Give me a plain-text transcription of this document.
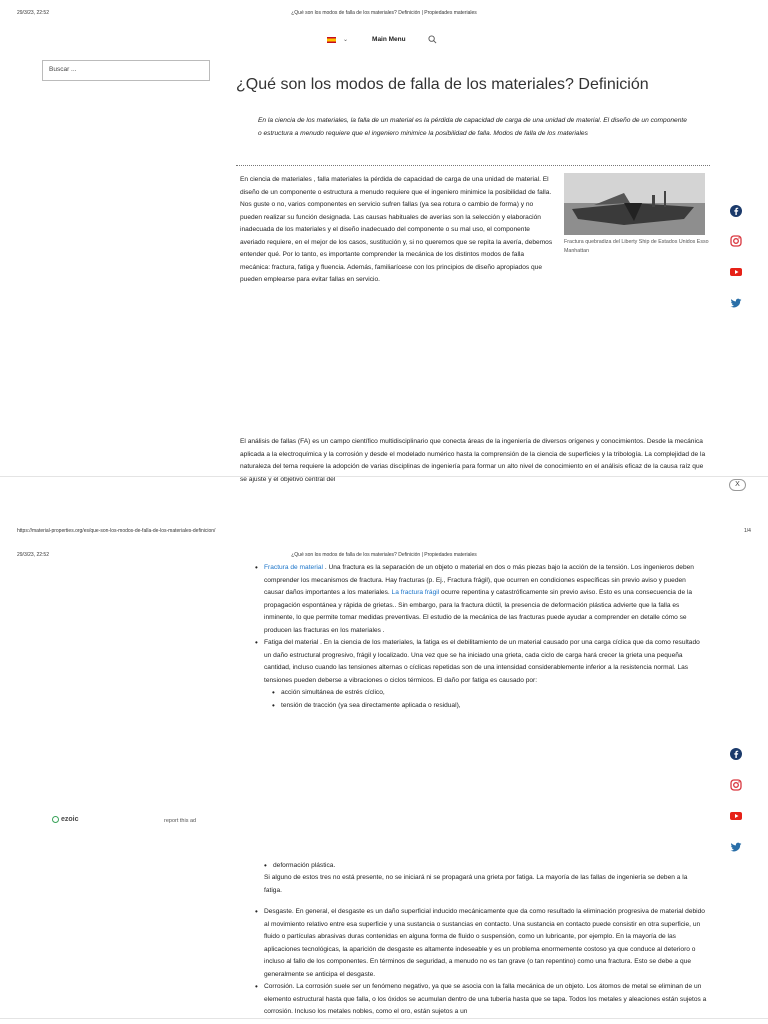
29/3/23, 22:52	¿Qué son los modos de falla de los materiales? Definición | Propiedades materiales
⌄	Main Menu
Buscar ...
¿Qué son los modos de falla de los materiales? Definición

En la ciencia de los materiales, la falla de un material es la pérdida de capacidad de carga de una unidad de material. El diseño de un componente o estructura a menudo requiere que el ingeniero minimice la posibilidad de falla. Modos de falla de los materiales

En ciencia de materiales , falla materiales la pérdida de capacidad de carga de una unidad de material. El diseño de un componente o estructura a menudo requiere que el ingeniero minimice la posibilidad de falla. Nos guste o no, varios componentes en servicio sufren fallas (ya sea rotura o cambio de forma) y no pueden realizar su función designada. Las causas habituales de averías son la selección y elaboración inadecuada de los materiales y el diseño inadecuado del componente o su mal uso, el componente averiado requiere, en el mejor de los casos, sustitución y, si no queremos que se repita la avería, debemos entender qué. Por lo tanto, es importante comprender la mecánica de los distintos modos de falla mecánica: fractura, fatiga y fluencia. Además, familiarícese con los principios de diseño apropiados que pueden emplearse para evitar fallas en servicio.

Fractura quebradiza del Liberty Ship de Estados Unidos Esso Manhattan

El análisis de fallas (FA) es un campo científico multidisciplinario que conecta áreas de la ingeniería de diversos orígenes y conocimientos. Desde la mecánica aplicada a la electroquímica y la corrosión y desde el modelado numérico hasta la comprensión de la ciencia de superficies y la tribología. La complejidad de la naturaleza del tema requiere la adopción de varias disciplinas de ingeniería para formar un alto nivel de conocimiento en el análisis eficaz de la causa raíz que se ajuste y el objetivo central del

X
https://material-properties.org/es/que-son-los-modos-de-falla-de-los-materiales-definicion/	1/4
29/3/23, 22:52	¿Qué son los modos de falla de los materiales? Definición | Propiedades materiales
• Fractura de material . Una fractura es la separación de un objeto o material en dos o más piezas bajo la acción de la tensión. Los ingenieros deben comprender los mecanismos de fractura. Hay fracturas (p. Ej., Fractura frágil), que ocurren en condiciones específicas sin previo aviso y pueden causar daños importantes a los materiales. La fractura frágil ocurre repentina y catastróficamente sin previo aviso. Esto es una consecuencia de la propagación espontánea y rápida de grietas.. Sin embargo, para la fractura dúctil, la presencia de deformación plástica advierte que la falla es inminente, lo que permite tomar medidas preventivas. El estudio de la mecánica de las fracturas puede ayudar a comprender en detalle cómo se producen las fracturas en los materiales .
• Fatiga del material . En la ciencia de los materiales, la fatiga es el debilitamiento de un material causado por una carga cíclica que da como resultado un daño estructural progresivo, frágil y localizado. Una vez que se ha iniciado una grieta, cada ciclo de carga hará crecer la grieta una pequeña cantidad, incluso cuando las tensiones alternas o cíclicas repetidas son de una intensidad considerablemente inferior a la resistencia normal. Las tensiones pueden deberse a vibraciones o ciclos térmicos. El daño por fatiga es causado por:
• acción simultánea de estrés cíclico,
• tensión de tracción (ya sea directamente aplicada o residual),
ezoic	report this ad
• deformación plástica.

Si alguno de estos tres no está presente, no se iniciará ni se propagará una grieta por fatiga. La mayoría de las fallas de ingeniería se deben a la fatiga.

• Desgaste. En general, el desgaste es un daño superficial inducido mecánicamente que da como resultado la eliminación progresiva de material debido al movimiento relativo entre esa superficie y una sustancia o sustancias en contacto. Una sustancia en contacto puede consistir en otra superficie, un fluido o partículas abrasivas duras contenidas en alguna forma de fluido o suspensión, como un lubricante, por ejemplo. En la mayoría de las aplicaciones tecnológicas, la aparición de desgaste es altamente indeseable y es un problema enormemente costoso ya que conduce al deterioro o incluso al fallo de los componentes. En términos de seguridad, a menudo no es tan grave (o tan repentino) como una fractura. Esto se debe a que generalmente se anticipa el desgaste.
• Corrosión. La corrosión suele ser un fenómeno negativo, ya que se asocia con la falla mecánica de un objeto. Los átomos de metal se eliminan de un elemento estructural hasta que falla, o los óxidos se acumulan dentro de una tubería hasta que se tapa. Todos los metales y aleaciones están sujetos a corrosión. Incluso los metales nobles, como el oro, están sujetos a un
